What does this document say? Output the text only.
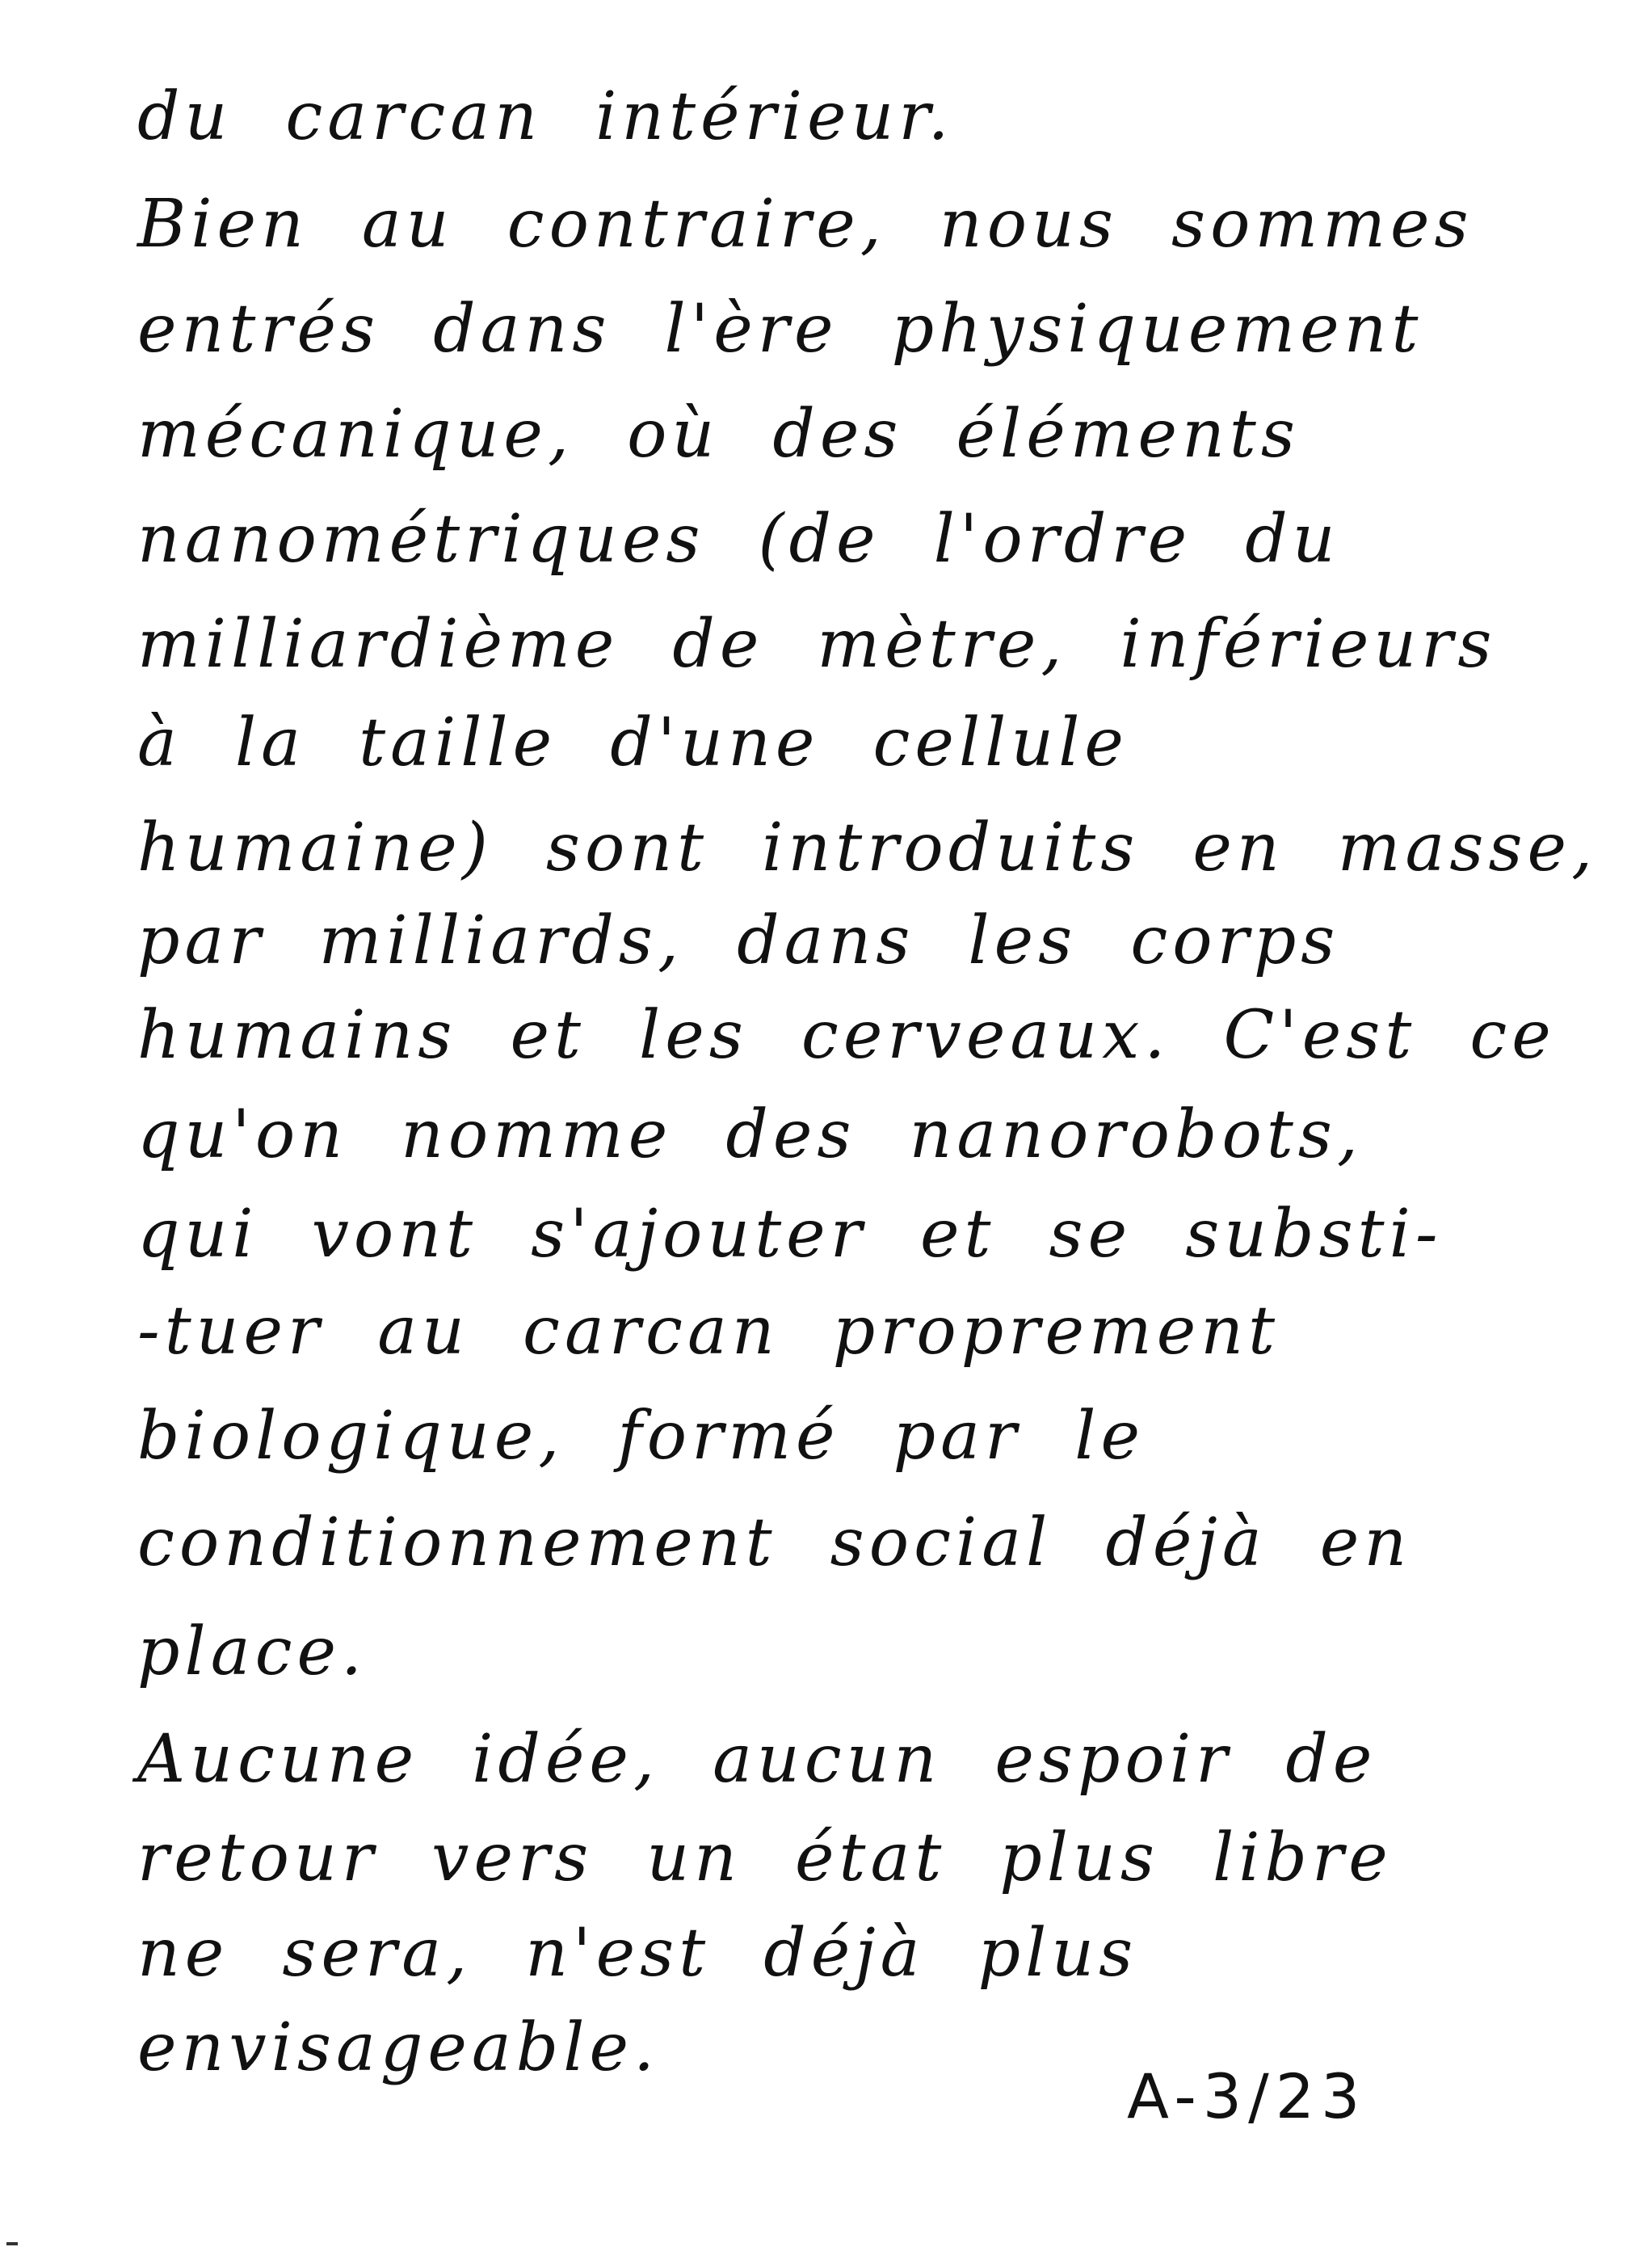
du carcan intérieur.
Bien au contraire, nous sommes
entrés dans l'ère physiquement
mécanique, où des éléments
nanométriques (de l'ordre du
milliardième de mètre, inférieurs
à la taille d'une cellule
humaine) sont introduits en masse,
par milliards, dans les corps
humains et les cerveaux. C'est ce
qu'on nomme des nanorobots,
qui vont s'ajouter et se substi-
-tuer au carcan proprement
biologique, formé par le
conditionnement social déjà en
place.
Aucune idée, aucun espoir de
retour vers un état plus libre
ne sera, n'est déjà plus
envisageable.
A-3/23
